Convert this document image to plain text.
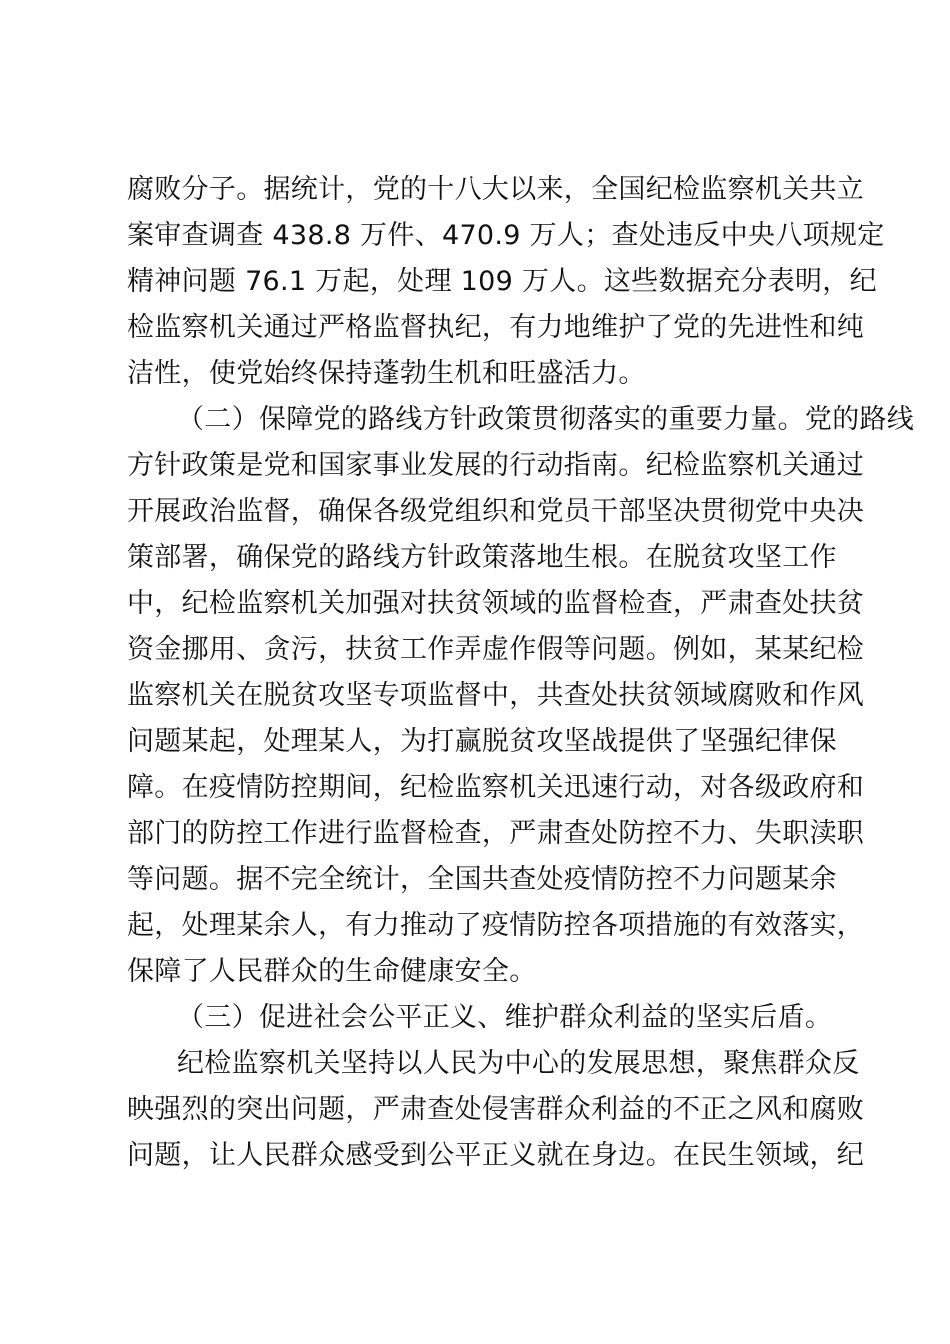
腐败分子。据统计，党的十八大以来，全国纪检监察机关共立
案审查调查 438.8 万件、470.9 万人；查处违反中央八项规定
精神问题 76.1 万起，处理 109 万人。这些数据充分表明，纪
检监察机关通过严格监督执纪，有力地维护了党的先进性和纯
洁性，使党始终保持蓬勃生机和旺盛活力。
（二）保障党的路线方针政策贯彻落实的重要力量。党的路线
方针政策是党和国家事业发展的行动指南。纪检监察机关通过
开展政治监督，确保各级党组织和党员干部坚决贯彻党中央决
策部署，确保党的路线方针政策落地生根。在脱贫攻坚工作
中，纪检监察机关加强对扶贫领域的监督检查，严肃查处扶贫
资金挪用、贪污，扶贫工作弄虚作假等问题。例如，某某纪检
监察机关在脱贫攻坚专项监督中，共查处扶贫领域腐败和作风
问题某起，处理某人，为打赢脱贫攻坚战提供了坚强纪律保
障。在疫情防控期间，纪检监察机关迅速行动，对各级政府和
部门的防控工作进行监督检查，严肃查处防控不力、失职渎职
等问题。据不完全统计，全国共查处疫情防控不力问题某余
起，处理某余人，有力推动了疫情防控各项措施的有效落实，
保障了人民群众的生命健康安全。
（三）促进社会公平正义、维护群众利益的坚实后盾。
纪检监察机关坚持以人民为中心的发展思想，聚焦群众反
映强烈的突出问题，严肃查处侵害群众利益的不正之风和腐败
问题，让人民群众感受到公平正义就在身边。在民生领域，纪
